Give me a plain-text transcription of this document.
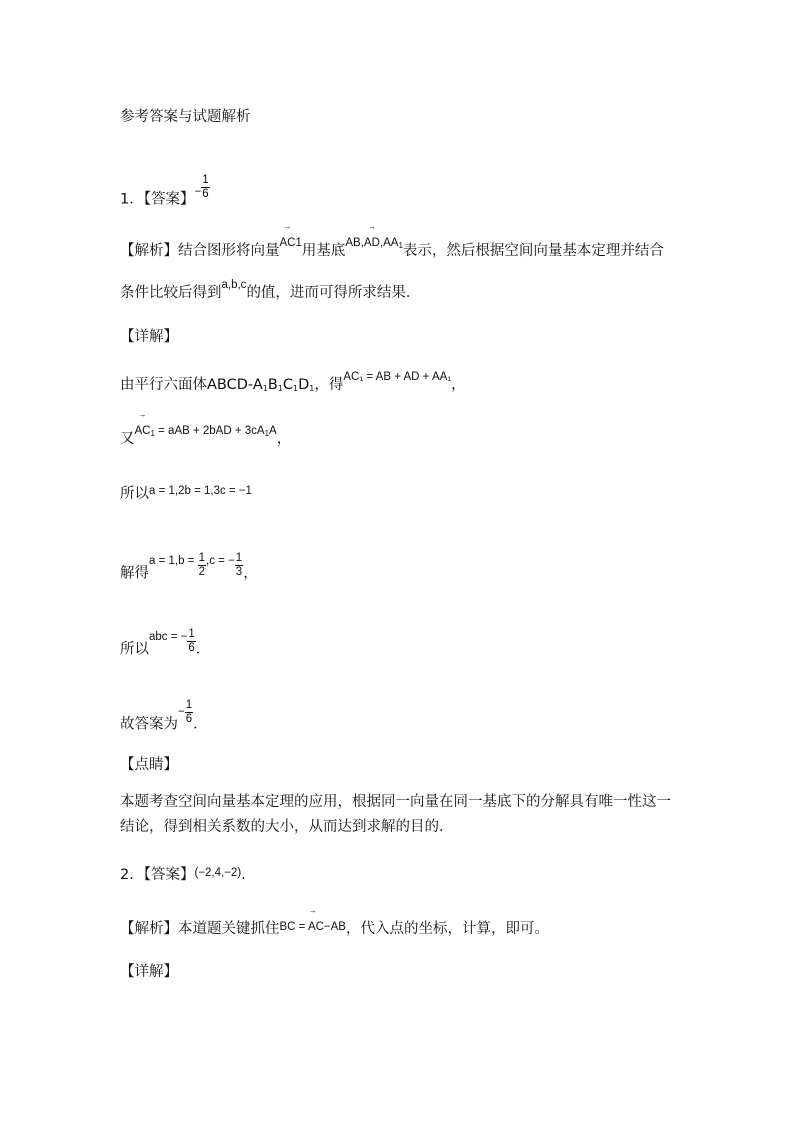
参考答案与试题解析
1．【答案】$^- \frac{1}{6}$
【解析】结合图形将向量→ $^{AC1}$用基底→ $^{AB,AD,AA_1}$表示，然后根据空间向量基本定理并结合
条件比较后得到$^{a,b,c}$的值，进而可得所求结果．
【详解】
由平行六面体ABCD-$A_1B_1C_1D_1$，得$^{AC_1 = AB + AD + AA_1}$，
又→ $^{AC_1 = aAB + 2bAD + 3cA_1A}$，
所以$^{a = 1,2b = 1,3c = -1}$
解得$^{a = 1,b =} \frac{1}{2} ^{,c = -} \frac{1}{3}$ ，
所以$^{abc = -} \frac{1}{6}$ ．
故答案为$^- \frac{1}{6}$ ．
【点睛】
本题考查空间向量基本定理的应用，根据同一向量在同一基底下的分解具有唯一性这一
结论，得到相关系数的大小，从而达到求解的目的．
2．【答案】$^{(-2,4,-2)}$.
【解析】本道题关键抓住→ BC = AC−AB，代入点的坐标，计算，即可。
【详解】
